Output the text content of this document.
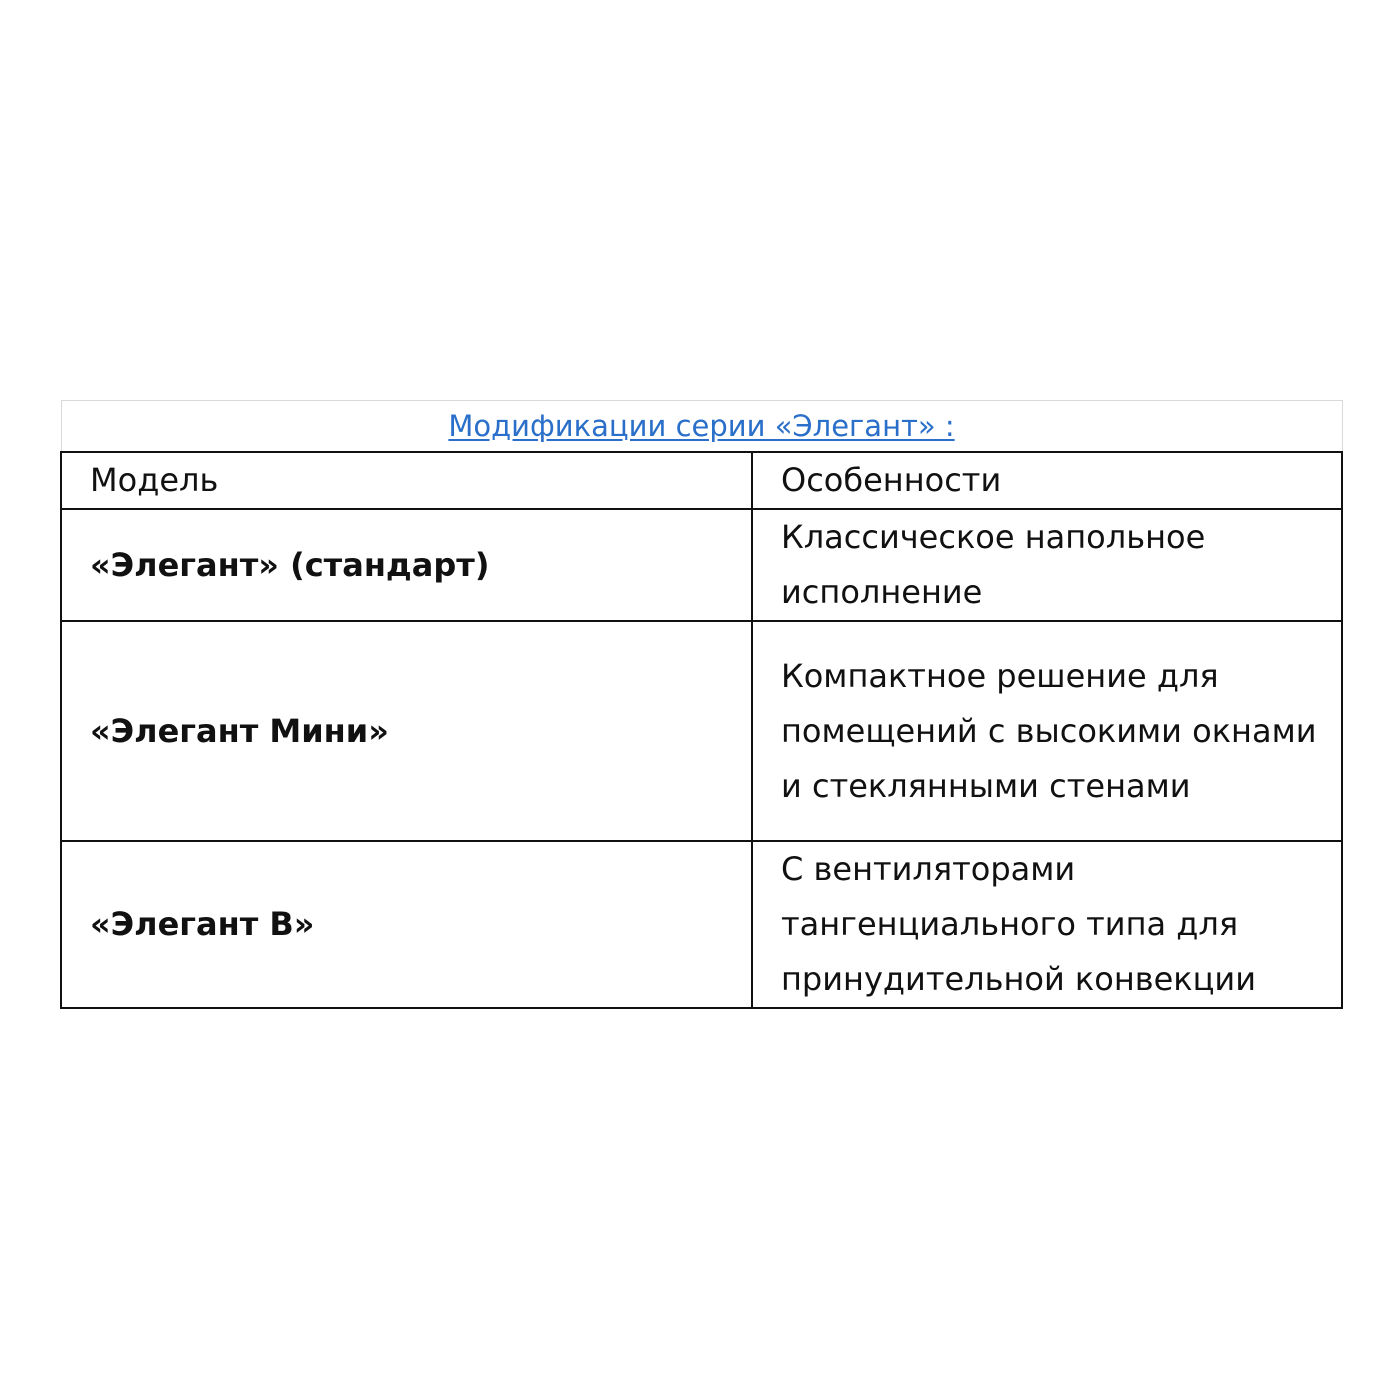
Модификации серии «Элегант» :	
Модель	Особенности
«Элегант» (стандарт)	Классическое напольное исполнение
«Элегант Мини»	Компактное решение для помещений с высокими окнами и стеклянными стенами
«Элегант В»	С вентиляторами тангенциального типа для принудительной конвекции
